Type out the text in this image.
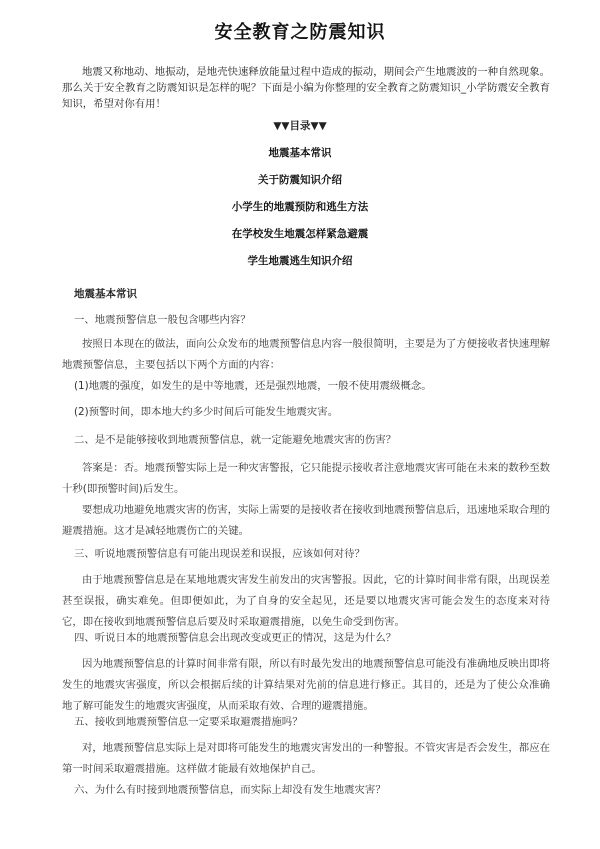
安全教育之防震知识
地震又称地动、地振动，是地壳快速释放能量过程中造成的振动，期间会产生地震波的一种自然现象。那么关于安全教育之防震知识是怎样的呢？下面是小编为你整理的安全教育之防震知识_小学防震安全教育知识，希望对你有用！
▼▼目录▼▼
地震基本常识
关于防震知识介绍
小学生的地震预防和逃生方法
在学校发生地震怎样紧急避震
学生地震逃生知识介绍
地震基本常识
一、地震预警信息一般包含哪些内容？
按照日本现在的做法，面向公众发布的地震预警信息内容一般很简明，主要是为了方便接收者快速理解地震预警信息，主要包括以下两个方面的内容：
(1)地震的强度，如发生的是中等地震，还是强烈地震，一般不使用震级概念。
(2)预警时间，即本地大约多少时间后可能发生地震灾害。
二、是不是能够接收到地震预警信息，就一定能避免地震灾害的伤害？
答案是：否。地震预警实际上是一种灾害警报，它只能提示接收者注意地震灾害可能在未来的数秒至数十秒(即预警时间)后发生。
要想成功地避免地震灾害的伤害，实际上需要的是接收者在接收到地震预警信息后，迅速地采取合理的避震措施。这才是减轻地震伤亡的关键。
三、听说地震预警信息有可能出现误差和误报，应该如何对待？
由于地震预警信息是在某地地震灾害发生前发出的灾害警报。因此，它的计算时间非常有限，出现误差甚至误报，确实难免。但即便如此，为了自身的安全起见，还是要以地震灾害可能会发生的态度来对待它，即在接收到地震预警信息后要及时采取避震措施，以免生命受到伤害。
四、听说日本的地震预警信息会出现改变或更正的情况，这是为什么？
因为地震预警信息的计算时间非常有限，所以有时最先发出的地震预警信息可能没有准确地反映出即将发生的地震灾害强度，所以会根据后续的计算结果对先前的信息进行修正。其目的，还是为了使公众准确地了解可能发生的地震灾害强度，从而采取有效、合理的避震措施。
五、接收到地震预警信息一定要采取避震措施吗？
对，地震预警信息实际上是对即将可能发生的地震灾害发出的一种警报。不管灾害是否会发生，都应在第一时间采取避震措施。这样做才能最有效地保护自己。
六、为什么有时接到地震预警信息，而实际上却没有发生地震灾害？
